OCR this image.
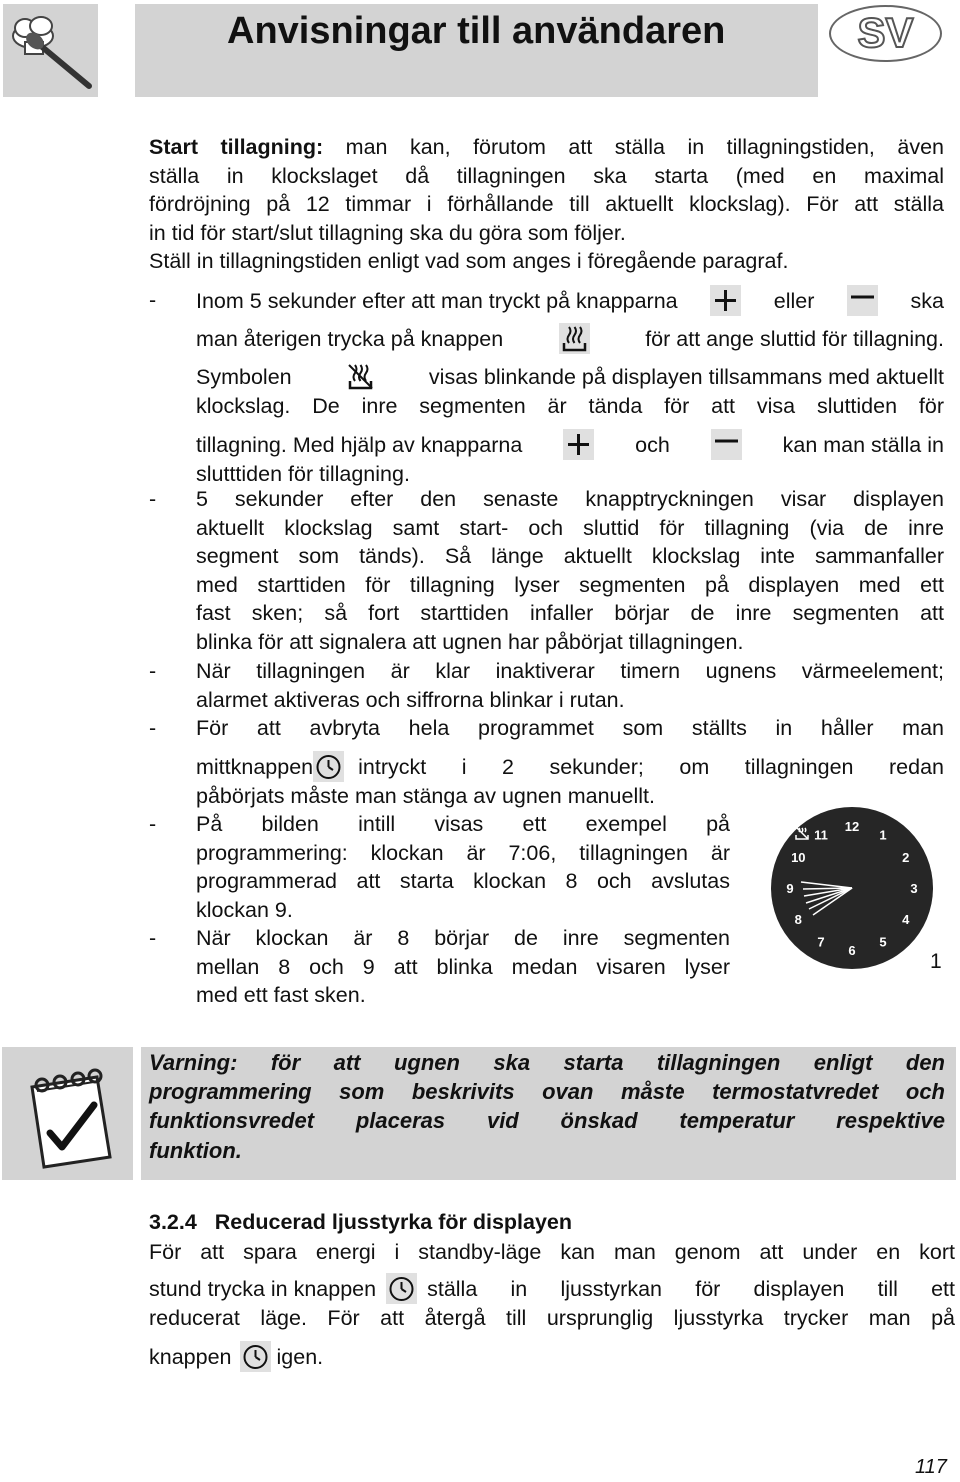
Anvisningar till användaren	SV
Start tillagning: man kan, förutom att ställa in tillagningstiden, även
ställa in klockslaget då tillagningen ska starta (med en maximal
fördröjning på 12 timmar i förhållande till aktuellt klockslag). För att ställa
in tid för start/slut tillagning ska du göra som följer.
Ställ in tillagningstiden enligt vad som anges i föregående paragraf.
-	Inom 5 sekunder efter att man tryckt på knapparna	eller	ska
man återigen trycka på knappen	för att ange sluttid för tillagning.
Symbolen	visas blinkande på displayen tillsammans med aktuellt
klockslag. De inre segmenten är tända för att visa sluttiden för
tillagning. Med hjälp av knapparna	och	kan man ställa in
slutttiden för tillagning.
-	5 sekunder efter den senaste knapptryckningen visar displayen
aktuellt klockslag samt start- och sluttid för tillagning (via de inre
segment som tänds). Så länge aktuellt klockslag inte sammanfaller
med starttiden för tillagning lyser segmenten på displayen med ett
fast sken; så fort starttiden infaller börjar de inre segmenten att
blinka för att signalera att ugnen har påbörjat tillagningen.
-	När tillagningen är klar inaktiverar timern ugnens värmeelement;
alarmet aktiveras och siffrorna blinkar i rutan.
-	För att avbryta hela programmet som ställts in håller man
mittknappen intryckt i 2 sekunder; om tillagningen redan
påbörjats måste man stänga av ugnen manuellt.
-	På bilden intill visas ett exempel på
programmering: klockan är 7:06, tillagningen är
programmerad att starta klockan 8 och avslutas
klockan 9.
-	När klockan är 8 börjar de inre segmenten
mellan 8 och 9 att blinka medan visaren lyser
med ett fast sken.
12
1
2
3
4
5
6
7
8
9
10
11
1
Varning: för att ugnen ska starta tillagningen enligt den
programmering som beskrivits ovan måste termostatvredet och
funktionsvredet placeras vid önskad temperatur respektive
funktion.
3.2.4 Reducerad ljusstyrka för displayen
För att spara energi i standby-läge kan man genom att under en kort
stund trycka in knappen ställa in ljusstyrkan för displayen till ett
reducerat läge. För att återgå till ursprunglig ljusstyrka trycker man på
knappen igen.
117
